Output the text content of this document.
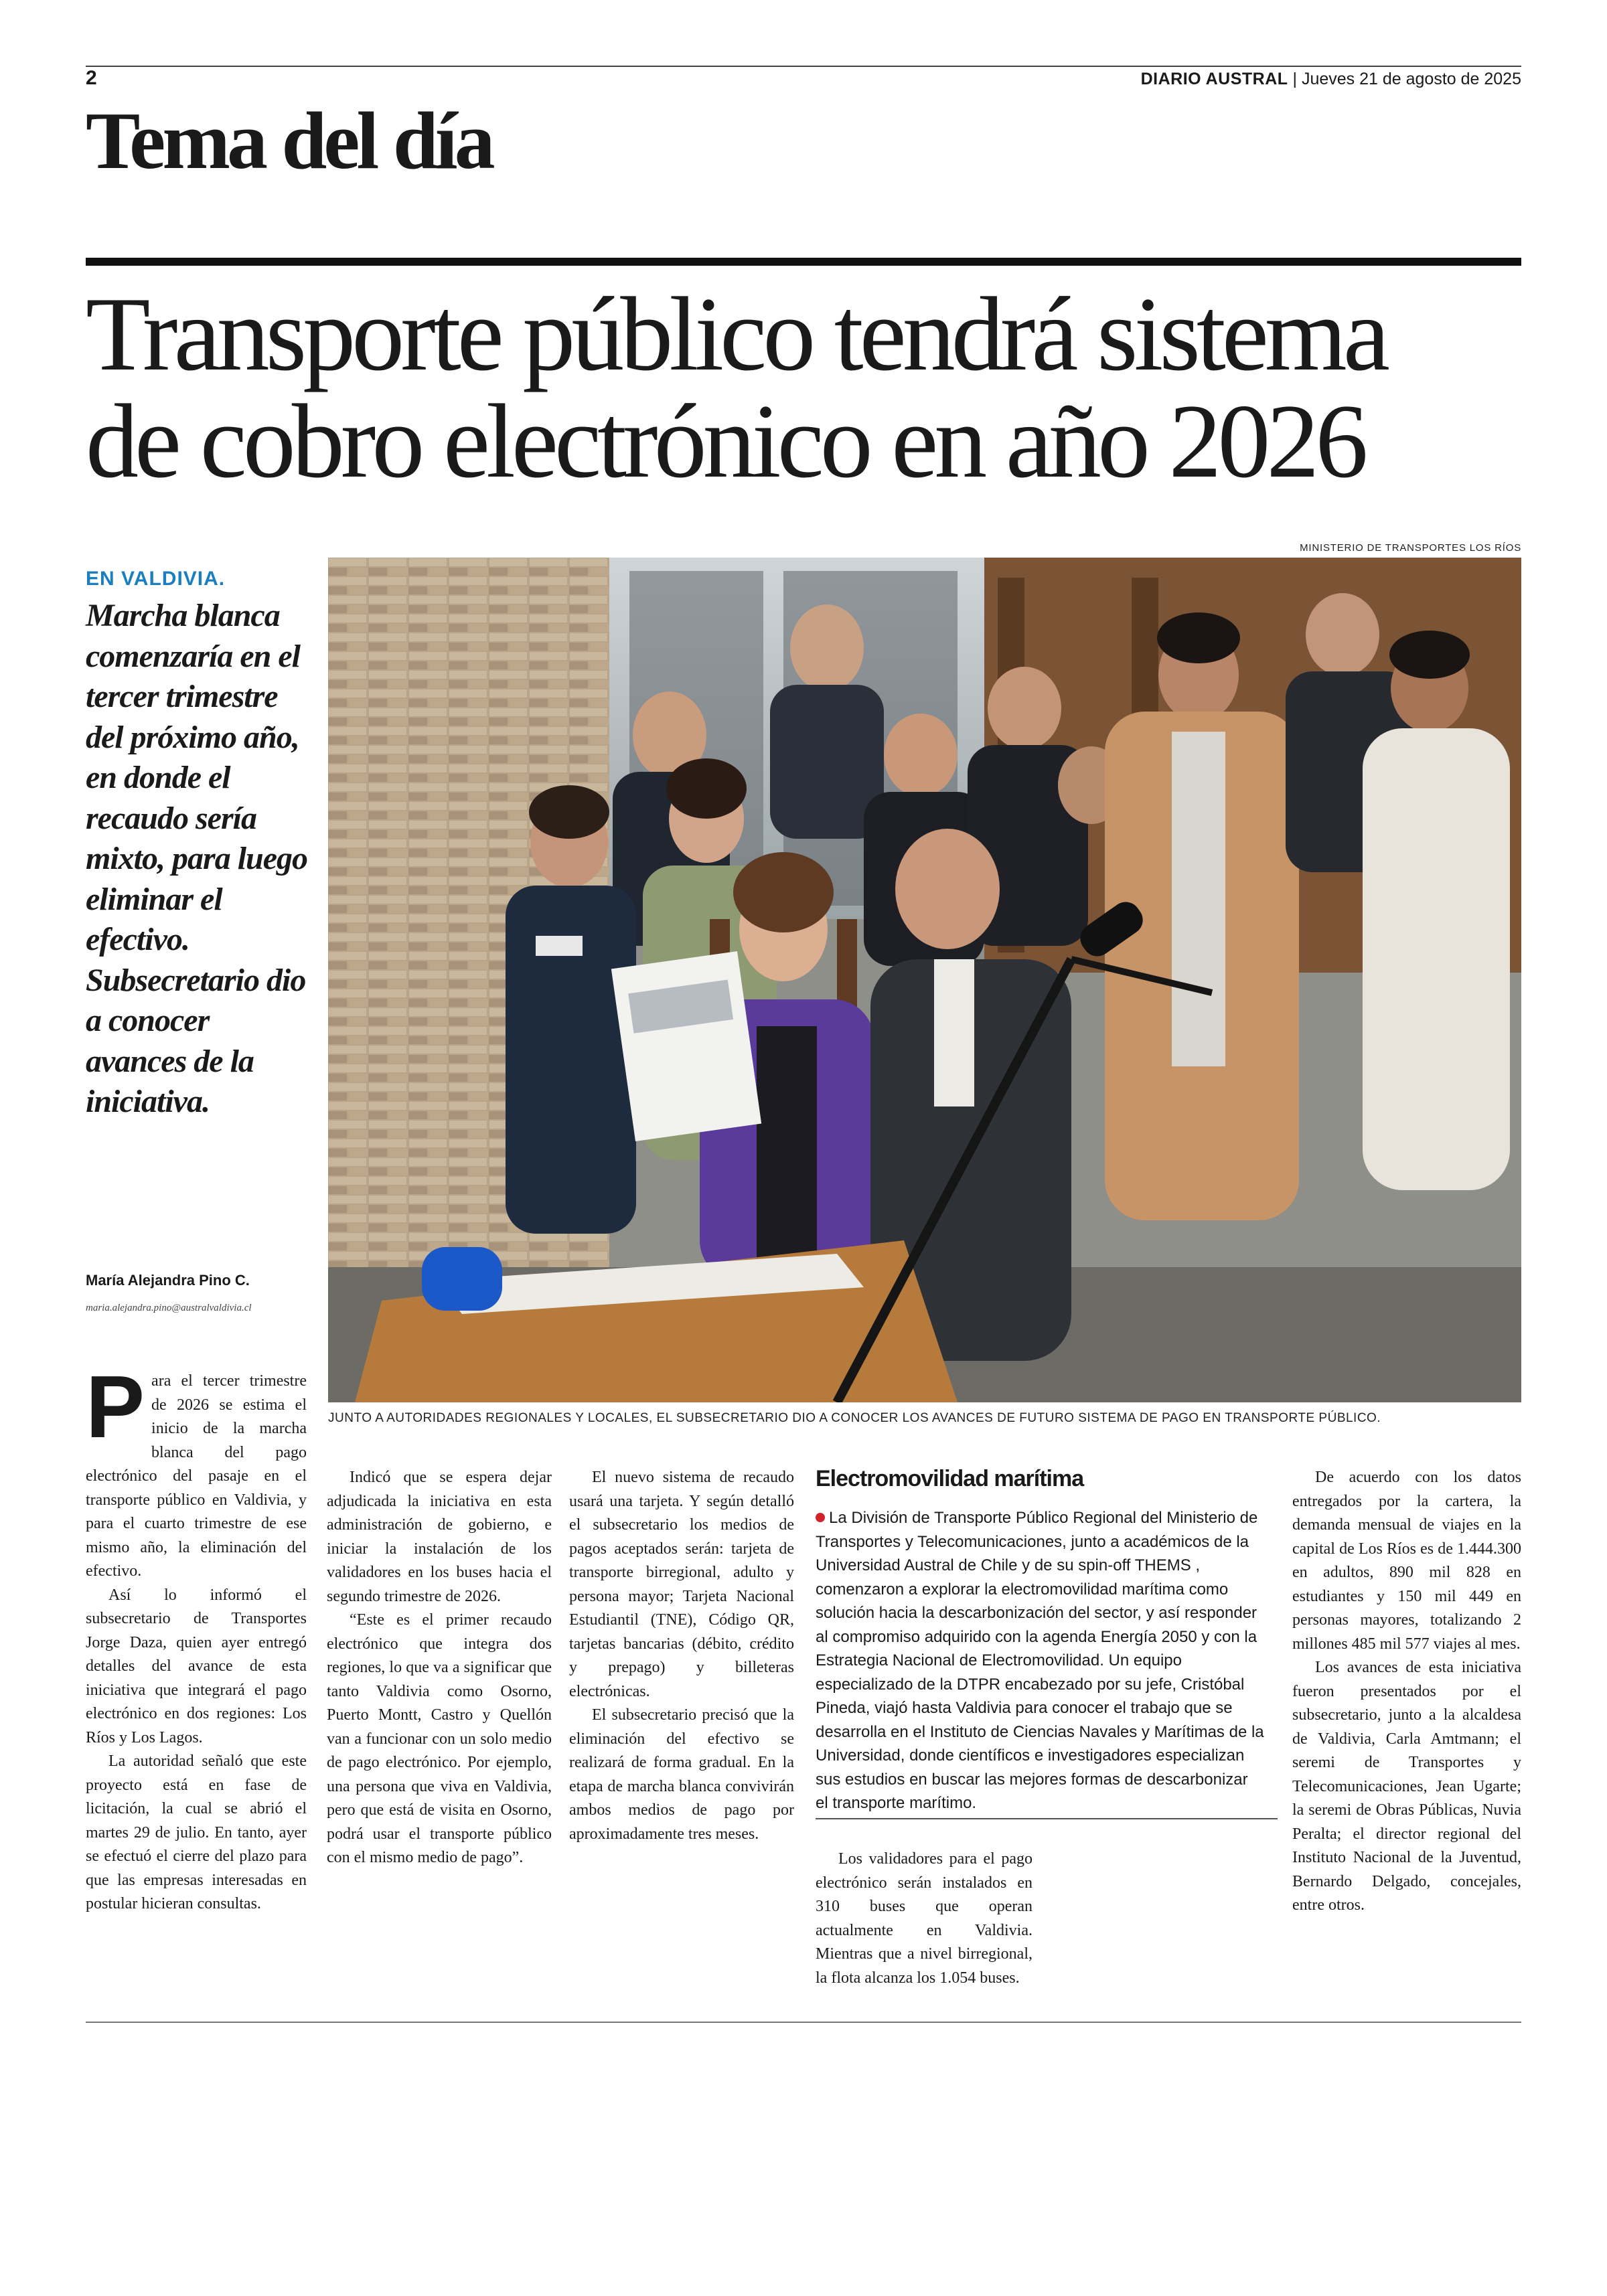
2	DIARIO AUSTRAL | Jueves 21 de agosto de 2025
Tema del día
Transporte público tendrá sistema
de cobro electrónico en año 2026
MINISTERIO DE TRANSPORTES LOS RÍOS
JUNTO A AUTORIDADES REGIONALES Y LOCALES, EL SUBSECRETARIO DIO A CONOCER LOS AVANCES DE FUTURO SISTEMA DE PAGO EN TRANSPORTE PÚBLICO.
EN VALDIVIA.
Marcha blanca comenzaría en el tercer trimestre del próximo año, en donde el recaudo sería mixto, para luego eliminar el efectivo. Subsecretario dio a conocer avances de la iniciativa.
María Alejandra Pino C.
maria.alejandra.pino@australvaldivia.cl

Para el tercer trimestre de 2026 se estima el inicio de la marcha blanca del pago electrónico del pasaje en el transporte público en Valdivia, y para el cuarto trimestre de ese mismo año, la eliminación del efectivo.

Así lo informó el subsecretario de Transportes Jorge Daza, quien ayer entregó detalles del avance de esta iniciativa que integrará el pago electrónico en dos regiones: Los Ríos y Los Lagos.

La autoridad señaló que este proyecto está en fase de licitación, la cual se abrió el martes 29 de julio. En tanto, ayer se efectuó el cierre del plazo para que las empresas interesadas en postular hicieran consultas.

Indicó que se espera dejar adjudicada la iniciativa en esta administración de gobierno, e iniciar la instalación de los validadores en los buses hacia el segundo trimestre de 2026.

“Este es el primer recaudo electrónico que integra dos regiones, lo que va a significar que tanto Valdivia como Osorno, Puerto Montt, Castro y Quellón van a funcionar con un solo medio de pago electrónico. Por ejemplo, una persona que viva en Valdivia, pero que está de visita en Osorno, podrá usar el transporte público con el mismo medio de pago”.

El nuevo sistema de recaudo usará una tarjeta. Y según detalló el subsecretario los medios de pagos aceptados serán: tarjeta de transporte birregional, adulto y persona mayor; Tarjeta Nacional Estudiantil (TNE), Código QR, tarjetas bancarias (débito, crédito y prepago) y billeteras electrónicas.

El subsecretario precisó que la eliminación del efectivo se realizará de forma gradual. En la etapa de marcha blanca convivirán ambos medios de pago por aproximadamente tres meses.

Electromovilidad marítima
La División de Transporte Público Regional del Ministerio de Transportes y Telecomunicaciones, junto a académicos de la Universidad Austral de Chile y de su spin-off THEMS , comenzaron a explorar la electromovilidad marítima como solución hacia la descarbonización del sector, y así responder al compromiso adquirido con la agenda Energía 2050 y con la Estrategia Nacional de Electromovilidad. Un equipo especializado de la DTPR encabezado por su jefe, Cristóbal Pineda, viajó hasta Valdivia para conocer el trabajo que se desarrolla en el Instituto de Ciencias Navales y Marítimas de la Universidad, donde científicos e investigadores especializan sus estudios en buscar las mejores formas de descarbonizar el transporte marítimo.

Los validadores para el pago electrónico serán instalados en 310 buses que operan actualmente en Valdivia. Mientras que a nivel birregional, la flota alcanza los 1.054 buses.

De acuerdo con los datos entregados por la cartera, la demanda mensual de viajes en la capital de Los Ríos es de 1.444.300 en adultos, 890 mil 828 en estudiantes y 150 mil 449 en personas mayores, totalizando 2 millones 485 mil 577 viajes al mes.

Los avances de esta iniciativa fueron presentados por el subsecretario, junto a la alcaldesa de Valdivia, Carla Amtmann; el seremi de Transportes y Telecomunicaciones, Jean Ugarte; la seremi de Obras Públicas, Nuvia Peralta; el director regional del Instituto Nacional de la Juventud, Bernardo Delgado, concejales, entre otros.
